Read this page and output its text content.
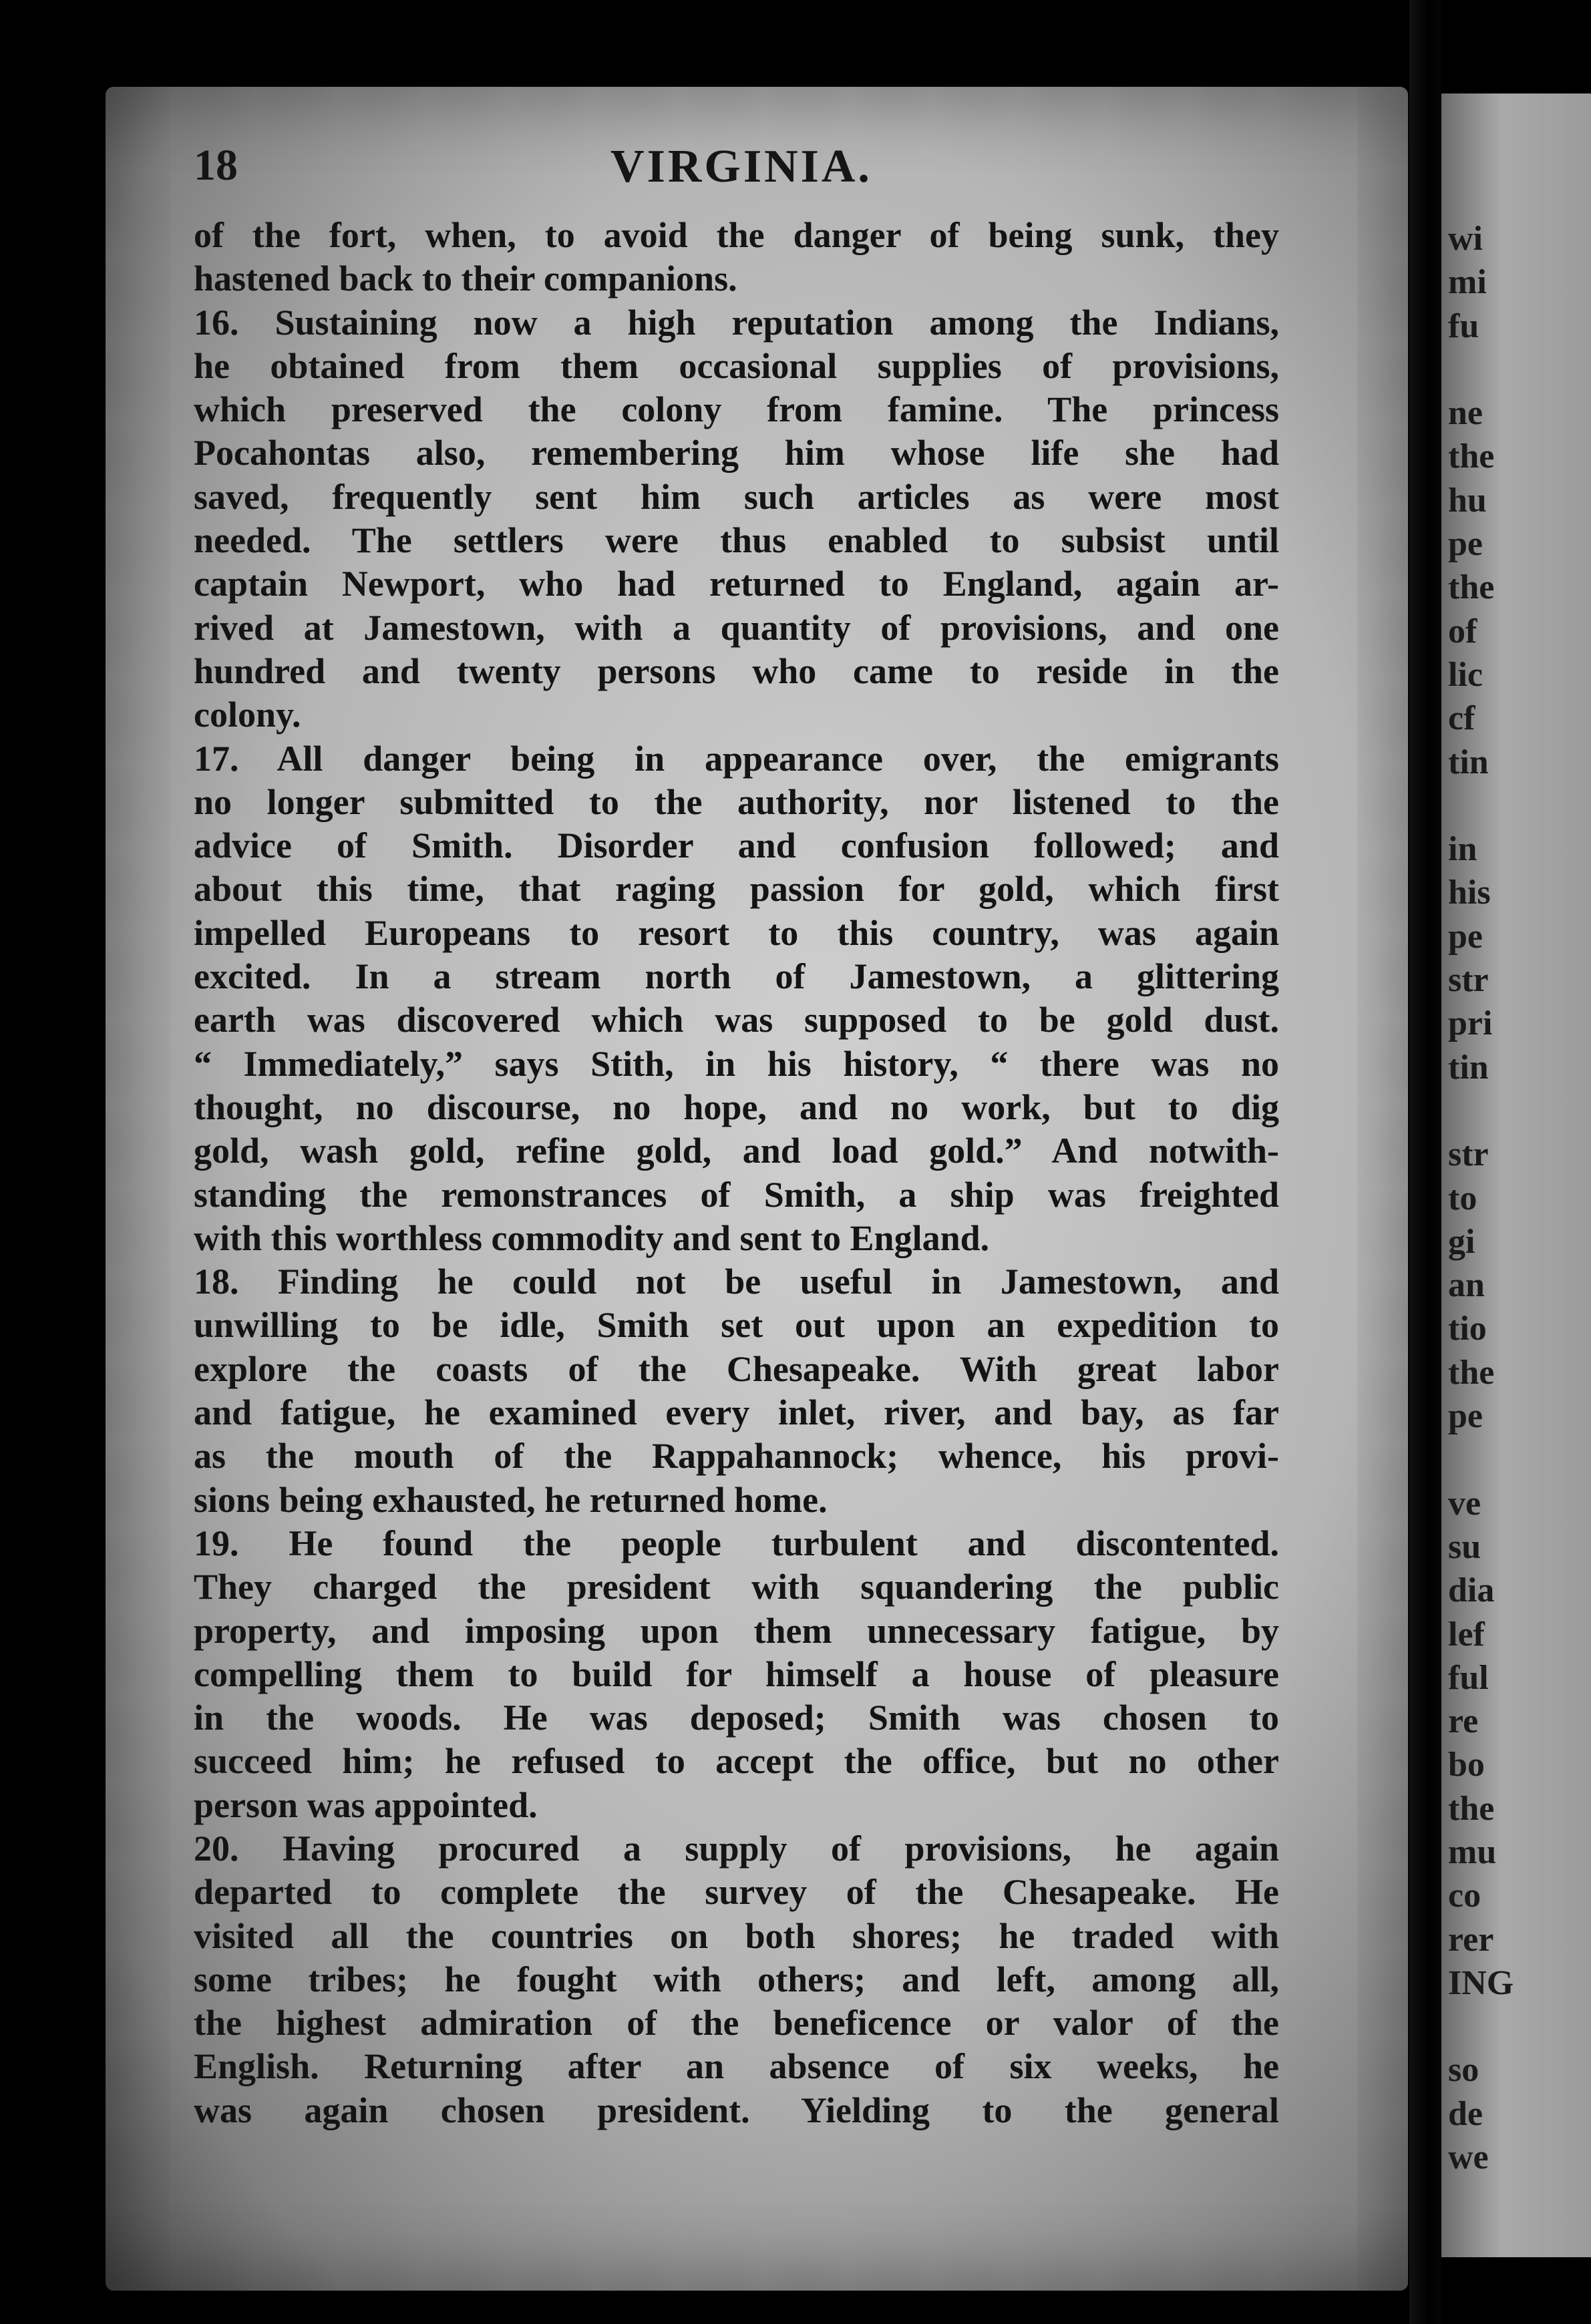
18	VIRGINIA.
of the fort, when, to avoid the danger of being sunk, they
hastened back to their companions.
16. Sustaining now a high reputation among the Indians,
he obtained from them occasional supplies of provisions,
which preserved the colony from famine. The princess
Pocahontas also, remembering him whose life she had
saved, frequently sent him such articles as were most
needed. The settlers were thus enabled to subsist until
captain Newport, who had returned to England, again ar-
rived at Jamestown, with a quantity of provisions, and one
hundred and twenty persons who came to reside in the
colony.
17. All danger being in appearance over, the emigrants
no longer submitted to the authority, nor listened to the
advice of Smith. Disorder and confusion followed; and
about this time, that raging passion for gold, which first
impelled Europeans to resort to this country, was again
excited. In a stream north of Jamestown, a glittering
earth was discovered which was supposed to be gold dust.
“ Immediately,” says Stith, in his history, “ there was no
thought, no discourse, no hope, and no work, but to dig
gold, wash gold, refine gold, and load gold.” And notwith-
standing the remonstrances of Smith, a ship was freighted
with this worthless commodity and sent to England.
18. Finding he could not be useful in Jamestown, and
unwilling to be idle, Smith set out upon an expedition to
explore the coasts of the Chesapeake. With great labor
and fatigue, he examined every inlet, river, and bay, as far
as the mouth of the Rappahannock; whence, his provi-
sions being exhausted, he returned home.
19. He found the people turbulent and discontented.
They charged the president with squandering the public
property, and imposing upon them unnecessary fatigue, by
compelling them to build for himself a house of pleasure
in the woods. He was deposed; Smith was chosen to
succeed him; he refused to accept the office, but no other
person was appointed.
20. Having procured a supply of provisions, he again
departed to complete the survey of the Chesapeake. He
visited all the countries on both shores; he traded with
some tribes; he fought with others; and left, among all,
the highest admiration of the beneficence or valor of the
English. Returning after an absence of six weeks, he
was again chosen president. Yielding to the general
wi
mi
fu
ne
the
hu
pe
the
of
lic
cf
tin
in
his
pe
str
pri
tin
str
to
gi
an
tio
the
pe
ve
su
dia
lef
ful
re
bo
the
mu
co
rer
ING
so
de
we
